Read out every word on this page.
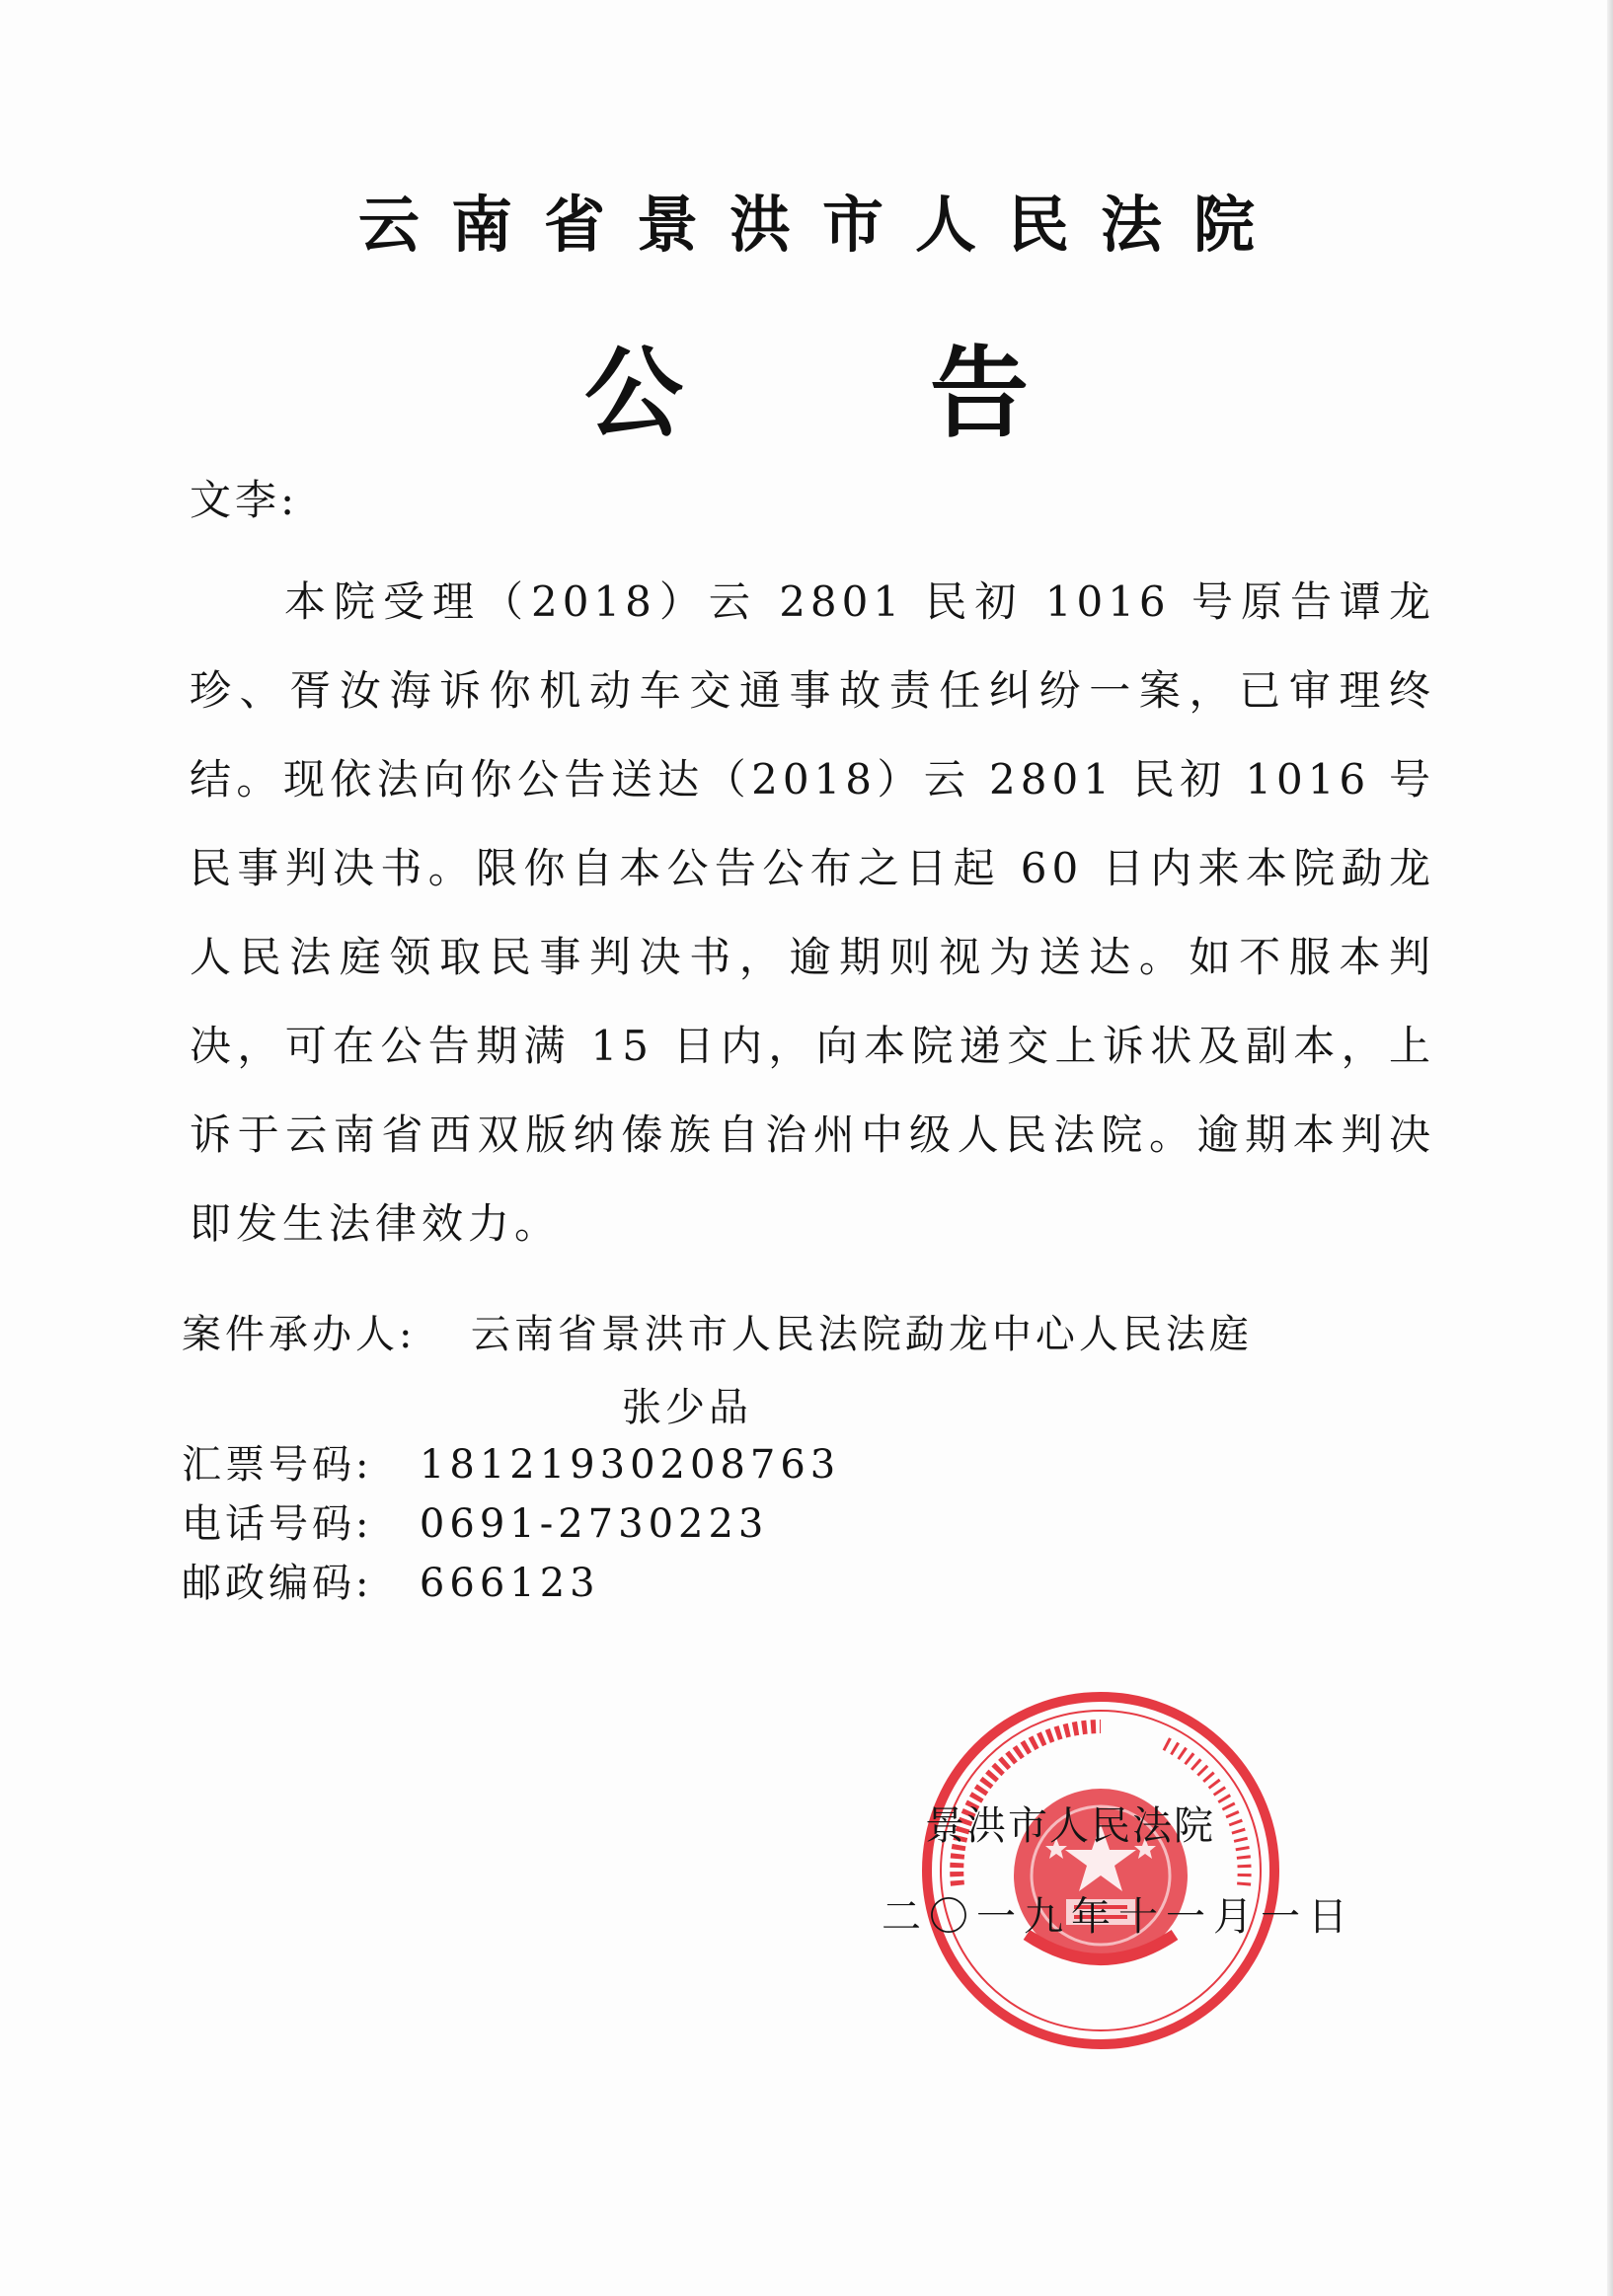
云南省景洪市人民法院
公	告
文李:

本院受理（2018）云 2801 民初 1016 号原告谭龙珍、胥汝海诉你机动车交通事故责任纠纷一案，已审理终结。现依法向你公告送达（2018）云 2801 民初 1016 号民事判决书。限你自本公告公布之日起 60 日内来本院勐龙人民法庭领取民事判决书，逾期则视为送达。如不服本判决，可在公告期满 15 日内，向本院递交上诉状及副本，上诉于云南省西双版纳傣族自治州中级人民法院。逾期本判决即发生法律效力。

案件承办人: 云南省景洪市人民法院勐龙中心人民法庭
张少品
汇票号码: 18121930208763
电话号码: 0691-2730223
邮政编码: 666123
景洪市人民法院
二〇一九年十一月一日
